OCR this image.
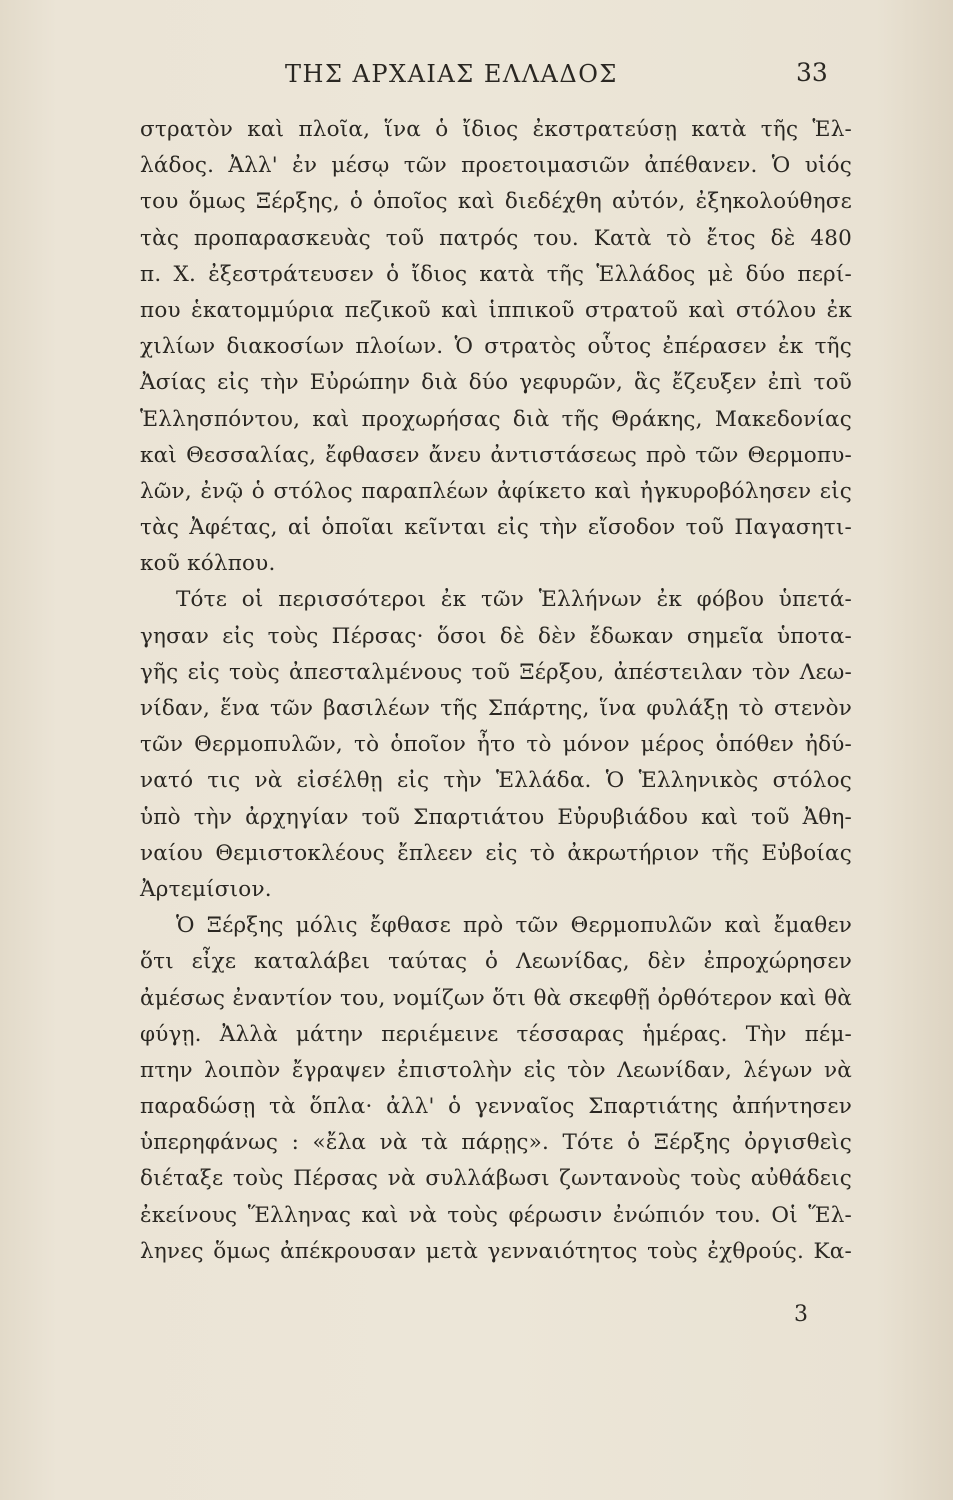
ΤΗΣ ΑΡΧΑΙΑΣ ΕΛΛΑΔΟΣ	33
στρατὸν καὶ πλοῖα, ἵνα ὁ ἴδιος ἐκστρατεύσῃ κατὰ τῆς Ἑλ-
λάδος. Ἀλλ' ἐν μέσῳ τῶν προετοιμασιῶν ἀπέθανεν. Ὁ υἱός
του ὅμως Ξέρξης, ὁ ὁποῖος καὶ διεδέχθη αὐτόν, ἐξηκολούθησε
τὰς προπαρασκευὰς τοῦ πατρός του. Κατὰ τὸ ἔτος δὲ 480
π. Χ. ἐξεστράτευσεν ὁ ἴδιος κατὰ τῆς Ἑλλάδος μὲ δύο περί-
που ἑκατομμύρια πεζικοῦ καὶ ἱππικοῦ στρατοῦ καὶ στόλου ἐκ
χιλίων διακοσίων πλοίων. Ὁ στρατὸς οὗτος ἐπέρασεν ἐκ τῆς
Ἀσίας εἰς τὴν Εὐρώπην διὰ δύο γεφυρῶν, ἃς ἔζευξεν ἐπὶ τοῦ
Ἑλλησπόντου, καὶ προχωρήσας διὰ τῆς Θράκης, Μακεδονίας
καὶ Θεσσαλίας, ἔφθασεν ἄνευ ἀντιστάσεως πρὸ τῶν Θερμοπυ-
λῶν, ἐνῷ ὁ στόλος παραπλέων ἀφίκετο καὶ ἠγκυροβόλησεν εἰς
τὰς Ἀφέτας, αἱ ὁποῖαι κεῖνται εἰς τὴν εἴσοδον τοῦ Παγασητι-
κοῦ κόλπου.
Τότε οἱ περισσότεροι ἐκ τῶν Ἑλλήνων ἐκ φόβου ὑπετά-
γησαν εἰς τοὺς Πέρσας· ὅσοι δὲ δὲν ἔδωκαν σημεῖα ὑποτα-
γῆς εἰς τοὺς ἀπεσταλμένους τοῦ Ξέρξου, ἀπέστειλαν τὸν Λεω-
νίδαν, ἕνα τῶν βασιλέων τῆς Σπάρτης, ἵνα φυλάξῃ τὸ στενὸν
τῶν Θερμοπυλῶν, τὸ ὁποῖον ἦτο τὸ μόνον μέρος ὁπόθεν ἠδύ-
νατό τις νὰ εἰσέλθῃ εἰς τὴν Ἑλλάδα. Ὁ Ἑλληνικὸς στόλος
ὑπὸ τὴν ἀρχηγίαν τοῦ Σπαρτιάτου Εὐρυβιάδου καὶ τοῦ Ἀθη-
ναίου Θεμιστοκλέους ἔπλεεν εἰς τὸ ἀκρωτήριον τῆς Εὐβοίας
Ἀρτεμίσιον.
Ὁ Ξέρξης μόλις ἔφθασε πρὸ τῶν Θερμοπυλῶν καὶ ἔμαθεν
ὅτι εἶχε καταλάβει ταύτας ὁ Λεωνίδας, δὲν ἐπροχώρησεν
ἀμέσως ἐναντίον του, νομίζων ὅτι θὰ σκεφθῇ ὀρθότερον καὶ θὰ
φύγῃ. Ἀλλὰ μάτην περιέμεινε τέσσαρας ἡμέρας. Τὴν πέμ-
πτην λοιπὸν ἔγραψεν ἐπιστολὴν εἰς τὸν Λεωνίδαν, λέγων νὰ
παραδώσῃ τὰ ὅπλα· ἀλλ' ὁ γενναῖος Σπαρτιάτης ἀπήντησεν
ὑπερηφάνως : «ἔλα νὰ τὰ πάρῃς». Τότε ὁ Ξέρξης ὀργισθεὶς
διέταξε τοὺς Πέρσας νὰ συλλάβωσι ζωντανοὺς τοὺς αὐθάδεις
ἐκείνους Ἕλληνας καὶ νὰ τοὺς φέρωσιν ἐνώπιόν του. Οἱ Ἕλ-
ληνες ὅμως ἀπέκρουσαν μετὰ γενναιότητος τοὺς ἐχθρούς. Κα-
3
